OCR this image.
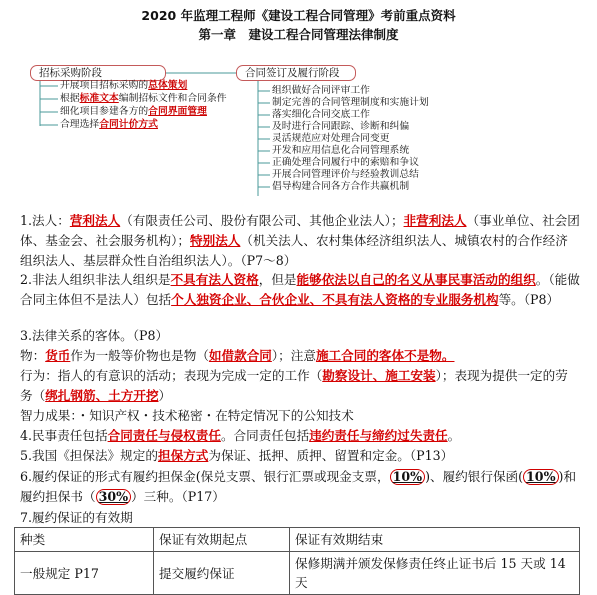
2020 年监理工程师《建设工程合同管理》考前重点资料
第一章　建设工程合同管理法律制度
招标采购阶段	合同签订及履行阶段
开展项目招标采购的总体策划
根据标准文本编制招标文件和合同条件
细化项目参建各方的合同界面管理
合理选择合同计价方式
组织做好合同评审工作
制定完善的合同管理制度和实施计划
落实细化合同交底工作
及时进行合同跟踪、诊断和纠偏
灵活规范应对处理合同变更
开发和应用信息化合同管理系统
正确处理合同履行中的索赔和争议
开展合同管理评价与经验教训总结
倡导构建合同各方合作共赢机制
1.法人：营利法人（有限责任公司、股份有限公司、其他企业法人）；非营利法人（事业单位、社会团体、基金会、社会服务机构）；特别法人（机关法人、农村集体经济组织法人、城镇农村的合作经济组织法人、基层群众性自治组织法人）。（P7～8）
2.非法人组织非法人组织是不具有法人资格，但是能够依法以自己的名义从事民事活动的组织。（能做合同主体但不是法人）包括个人独资企业、合伙企业、不具有法人资格的专业服务机构等。（P8）
3.法律关系的客体。（P8）
物：货币作为一般等价物也是物（如借款合同）；注意施工合同的客体不是物。
行为：指人的有意识的活动；表现为完成一定的工作（勘察设计、施工安装）；表现为提供一定的劳务（绑扎钢筋、土方开挖）
智力成果：・知识产权・技术秘密・在特定情况下的公知技术
4.民事责任包括合同责任与侵权责任。合同责任包括违约责任与缔约过失责任。
5.我国《担保法》规定的担保方式为保证、抵押、质押、留置和定金。（P13）
6.履约保证的形式有履约担保金(保兑支票、银行汇票或现金支票， 10% )、履约银行保函( 10% )和履约担保书（ 30% ）三种。（P17）
7.履约保证的有效期
种类	保证有效期起点	保证有效期结束
一般规定 P17	提交履约保证	保修期满并颁发保修责任终止证书后 15 天或 14 天
